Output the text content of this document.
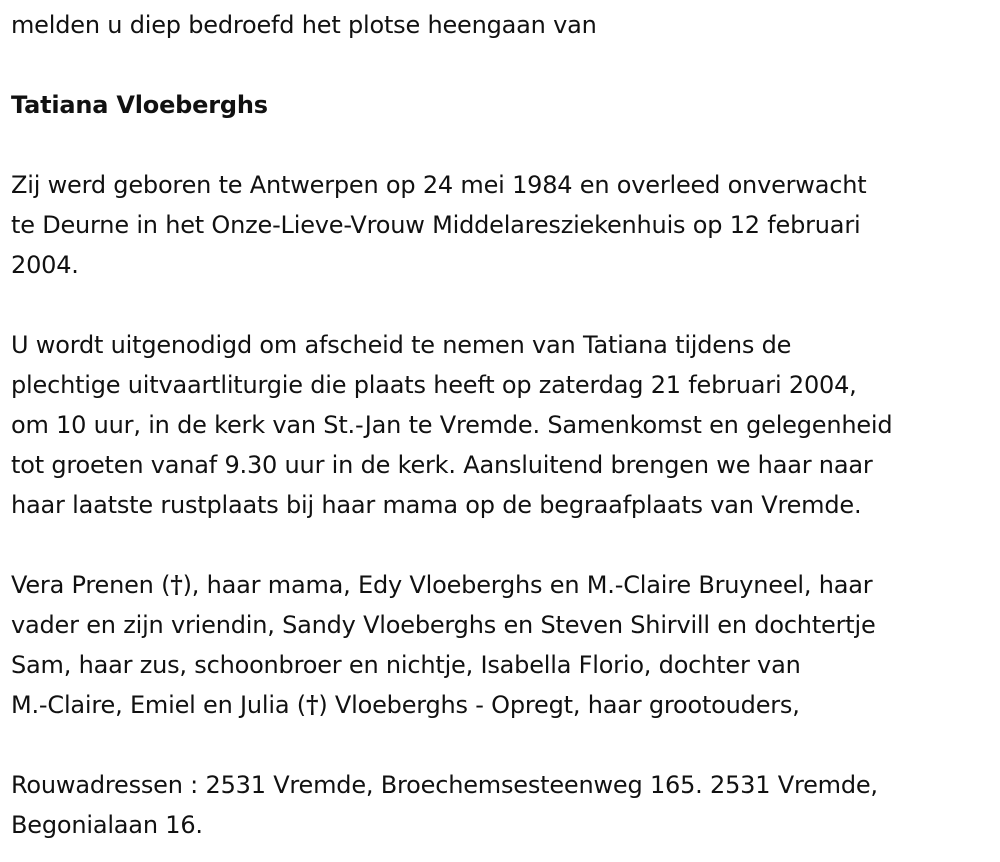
melden u diep bedroefd het plotse heengaan van
Tatiana Vloeberghs
Zij werd geboren te Antwerpen op 24 mei 1984 en overleed onverwacht
te Deurne in het Onze-Lieve-Vrouw Middelaresziekenhuis op 12 februari
2004.
U wordt uitgenodigd om afscheid te nemen van Tatiana tijdens de
plechtige uitvaartliturgie die plaats heeft op zaterdag 21 februari 2004,
om 10 uur, in de kerk van St.-Jan te Vremde. Samenkomst en gelegenheid
tot groeten vanaf 9.30 uur in de kerk. Aansluitend brengen we haar naar
haar laatste rustplaats bij haar mama op de begraafplaats van Vremde.
Vera Prenen (†), haar mama, Edy Vloeberghs en M.-Claire Bruyneel, haar
vader en zijn vriendin, Sandy Vloeberghs en Steven Shirvill en dochtertje
Sam, haar zus, schoonbroer en nichtje, Isabella Florio, dochter van
M.-Claire, Emiel en Julia (†) Vloeberghs - Opregt, haar grootouders,
Rouwadressen : 2531 Vremde, Broechemsesteenweg 165. 2531 Vremde,
Begonialaan 16.
